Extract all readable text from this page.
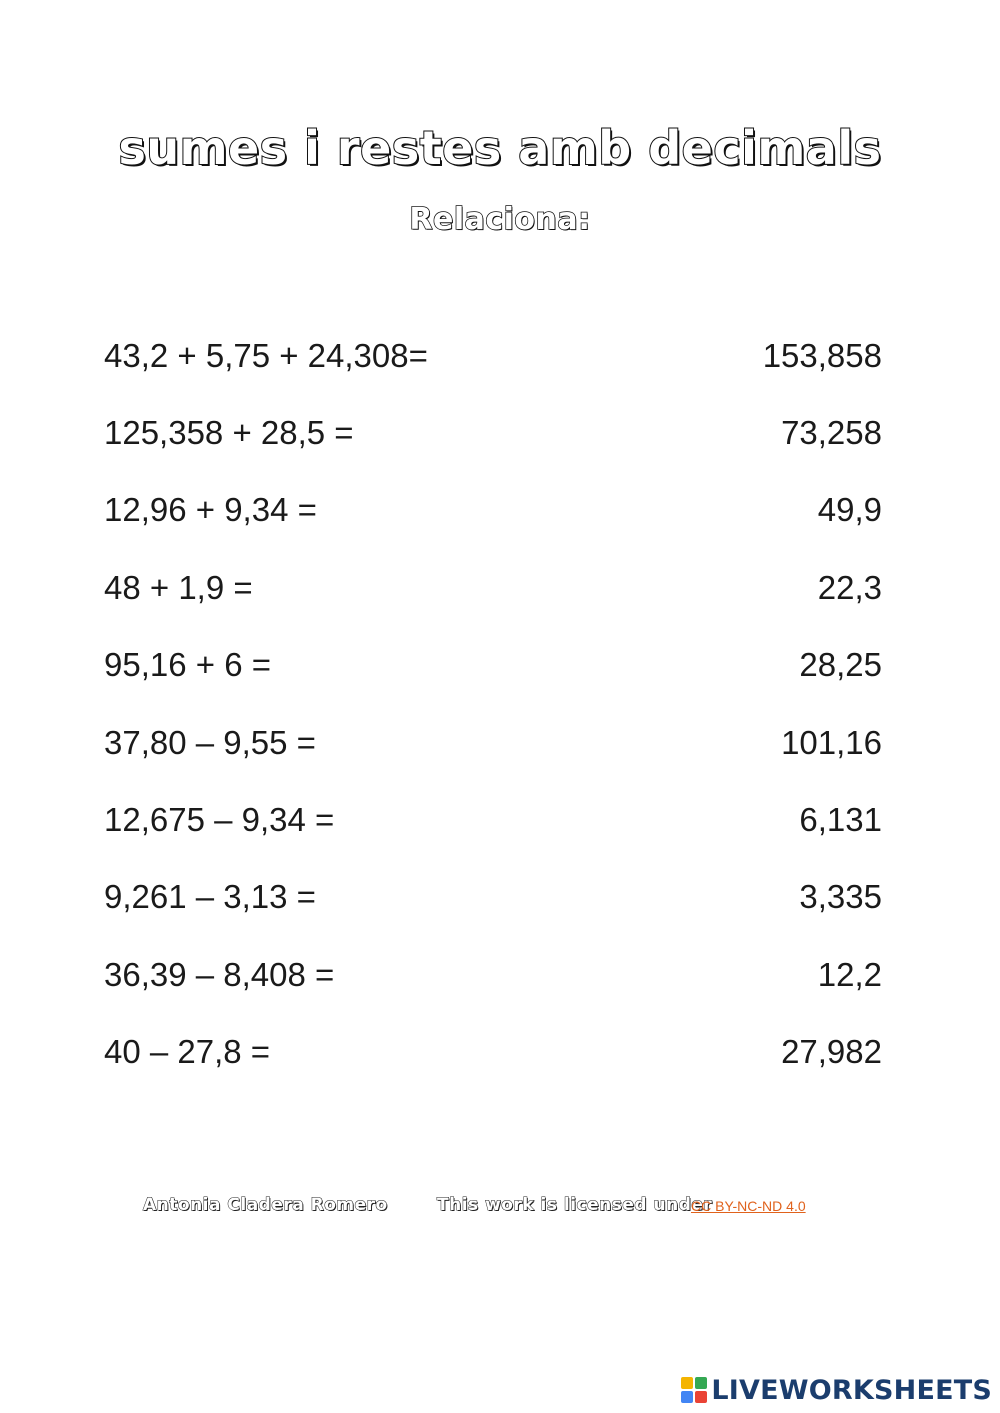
sumes i restes amb decimals
Relaciona:
43,2 + 5,75 + 24,308=	153,858
125,358 + 28,5 =	73,258
12,96 + 9,34 =	49,9
48 + 1,9 =	22,3
95,16 + 6 =	28,25
37,80 – 9,55 =	101,16
12,675 – 9,34 =	6,131
9,261 – 3,13 =	3,335
36,39 – 8,408 =	12,2
40 – 27,8 =	27,982
Antonia Cladera Romero	This work is licensed under
CC BY-NC-ND 4.0
LIVEWORKSHEETS
